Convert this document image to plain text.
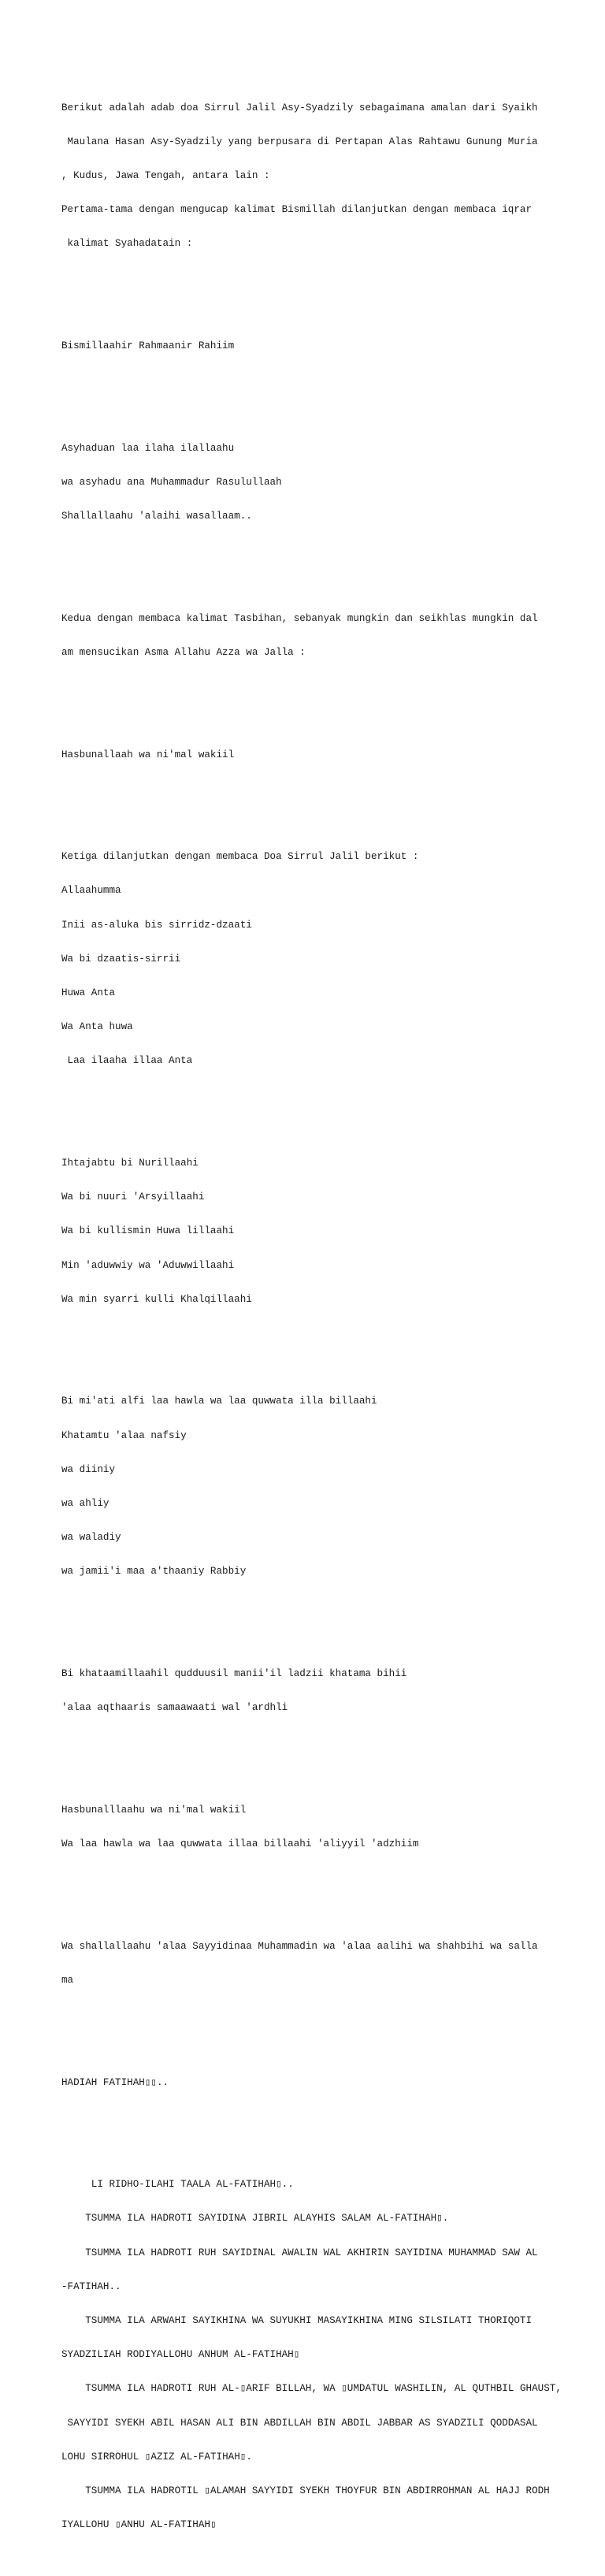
Berikut adalah adab doa Sirrul Jalil Asy-Syadzily sebagaimana amalan dari Syaikh

Maulana Hasan Asy-Syadzily yang berpusara di Pertapan Alas Rahtawu Gunung Muria

, Kudus, Jawa Tengah, antara lain :

Pertama-tama dengan mengucap kalimat Bismillah dilanjutkan dengan membaca iqrar

kalimat Syahadatain :

Bismillaahir Rahmaanir Rahiim

Asyhaduan laa ilaha ilallaahu

wa asyhadu ana Muhammadur Rasulullaah

Shallallaahu 'alaihi wasallaam..

Kedua dengan membaca kalimat Tasbihan, sebanyak mungkin dan seikhlas mungkin dal

am mensucikan Asma Allahu Azza wa Jalla :

Hasbunallaah wa ni'mal wakiil

Ketiga dilanjutkan dengan membaca Doa Sirrul Jalil berikut :

Allaahumma

Inii as-aluka bis sirridz-dzaati

Wa bi dzaatis-sirrii

Huwa Anta

Wa Anta huwa

Laa ilaaha illaa Anta

Ihtajabtu bi Nurillaahi

Wa bi nuuri 'Arsyillaahi

Wa bi kullismin Huwa lillaahi

Min 'aduwwiy wa 'Aduwwillaahi

Wa min syarri kulli Khalqillaahi

Bi mi'ati alfi laa hawla wa laa quwwata illa billaahi

Khatamtu 'alaa nafsiy

wa diiniy

wa ahliy

wa waladiy

wa jamii'i maa a'thaaniy Rabbiy

Bi khataamillaahil qudduusil manii'il ladzii khatama bihii

'alaa aqthaaris samaawaati wal 'ardhli

Hasbunalllaahu wa ni'mal wakiil

Wa laa hawla wa laa quwwata illaa billaahi 'aliyyil 'adzhiim

Wa shallallaahu 'alaa Sayyidinaa Muhammadin wa 'alaa aalihi wa shahbihi wa salla

ma

HADIAH FATIHAH▯▯..

LI RIDHO-ILAHI TAALA AL-FATIHAH▯..

TSUMMA ILA HADROTI SAYIDINA JIBRIL ALAYHIS SALAM AL-FATIHAH▯.

TSUMMA ILA HADROTI RUH SAYIDINAL AWALIN WAL AKHIRIN SAYIDINA MUHAMMAD SAW AL

-FATIHAH..

TSUMMA ILA ARWAHI SAYIKHINA WA SUYUKHI MASAYIKHINA MING SILSILATI THORIQOTI

SYADZILIAH RODIYALLOHU ANHUM AL-FATIHAH▯

TSUMMA ILA HADROTI RUH AL-▯ARIF BILLAH, WA ▯UMDATUL WASHILIN, AL QUTHBIL GHAUST,

SAYYIDI SYEKH ABIL HASAN ALI BIN ABDILLAH BIN ABDIL JABBAR AS SYADZILI QODDASAL

LOHU SIRROHUL ▯AZIZ AL-FATIHAH▯.

TSUMMA ILA HADROTIL ▯ALAMAH SAYYIDI SYEKH THOYFUR BIN ABDIRROHMAN AL HAJJ RODH

IYALLOHU ▯ANHU AL-FATIHAH▯
